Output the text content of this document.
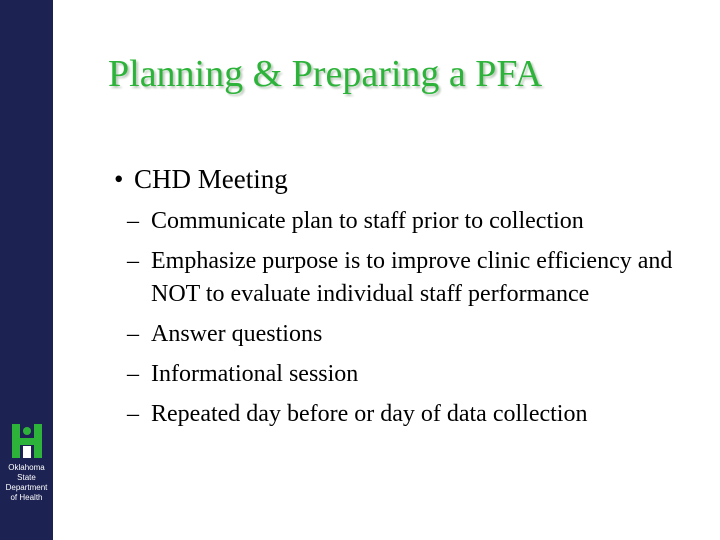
Oklahoma
State
Department
of Health
Planning & Preparing a PFA
• CHD Meeting
– Communicate plan to staff prior to collection
– Emphasize purpose is to improve clinic efficiency and NOT to evaluate individual staff performance
– Answer questions
– Informational session
– Repeated day before or day of data collection
